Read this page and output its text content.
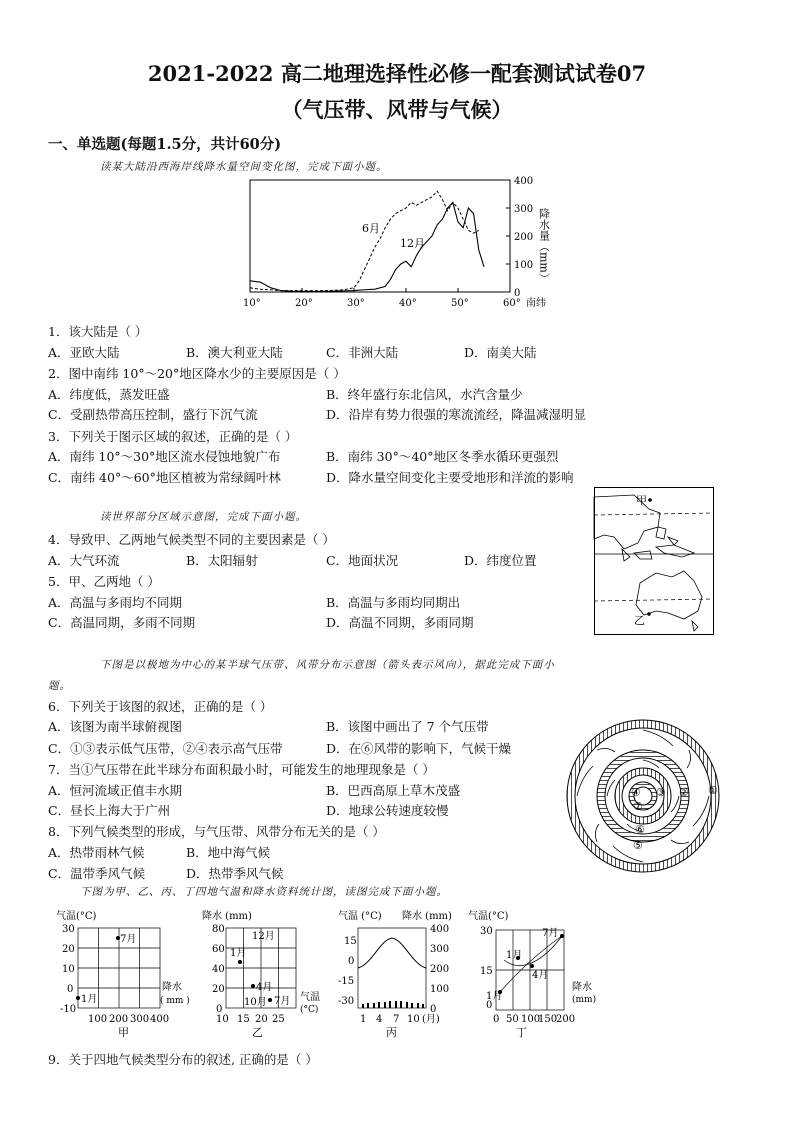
2021-2022 高二地理选择性必修一配套测试试卷07
（气压带、风带与气候）
一、单选题(每题1.5分，共计60分)
读某大陆沿西海岸线降水量空间变化图，完成下面小题。
10°	20°	30°	40°	50°	60°
0
100
200
300
400
6月
12月
南纬
降水量（mm）
1．该大陆是（ ）
A．亚欧大陆	B．澳大利亚大陆	C．非洲大陆	D．南美大陆
2．图中南纬 10°～20°地区降水少的主要原因是（ ）
A．纬度低，蒸发旺盛	B．终年盛行东北信风，水汽含量少
C．受副热带高压控制，盛行下沉气流	D．沿岸有势力很强的寒流流经，降温减湿明显
3．下列关于图示区域的叙述，正确的是（ ）
A．南纬 10°～30°地区流水侵蚀地貌广布	B．南纬 30°～40°地区冬季水循环更强烈
C．南纬 40°～60°地区植被为常绿阔叶林	D．降水量空间变化主要受地形和洋流的影响
甲
乙
读世界部分区域示意图，完成下面小题。
4．导致甲、乙两地气候类型不同的主要因素是（ ）
A．大气环流	B．太阳辐射	C．地面状况	D．纬度位置
5．甲、乙两地（ ）
A．高温与多雨均不同期	B．高温与多雨均同期出
C．高温同期，多雨不同期	D．高温不同期，多雨同期
下图是以极地为中心的某半球气压带、风带分布示意图（箭头表示风向），据此完成下面小
题。
6．下列关于该图的叙述，正确的是（ ）
A．该图为南半球俯视图	B．该图中画出了 7 个气压带
C．①③表示低气压带，②④表示高气压带	D．在⑥风带的影响下，气候干燥
7．当①气压带在此半球分布面积最小时，可能发生的地理现象是（ ）
A．恒河流域正值丰水期	B．巴西高原上草木茂盛
C．昼长上海大于广州	D．地球公转速度较慢
8．下列气候类型的形成，与气压带、风带分布无关的是（ ）
A．热带雨林气候	B．地中海气候
C．温带季风气候	D．热带季风气候
①
②
③
④
⑤
⑥
⑦
下图为甲、乙、丙、丁四地气温和降水资料统计图，读图完成下面小题。
气温(°C)
30
20
10
0
-10
100 200 300 400
降水
( mm )
7月
1月
甲
降水 (mm)
80
60
40
20
0
10 15 20 25
气温
(°C)
12月
1月
4月
10月 7月
乙
气温 (°C) 降水 (mm)
15
0
-15
-30
400
300
200
100
0
1 4 7 10 (月)
丙
气温(°C)
30
15
0
0 50 100
150
200
降水
(mm)
7月
1月
4月
1月
丁
9．关于四地气候类型分布的叙述, 正确的是（ ）
